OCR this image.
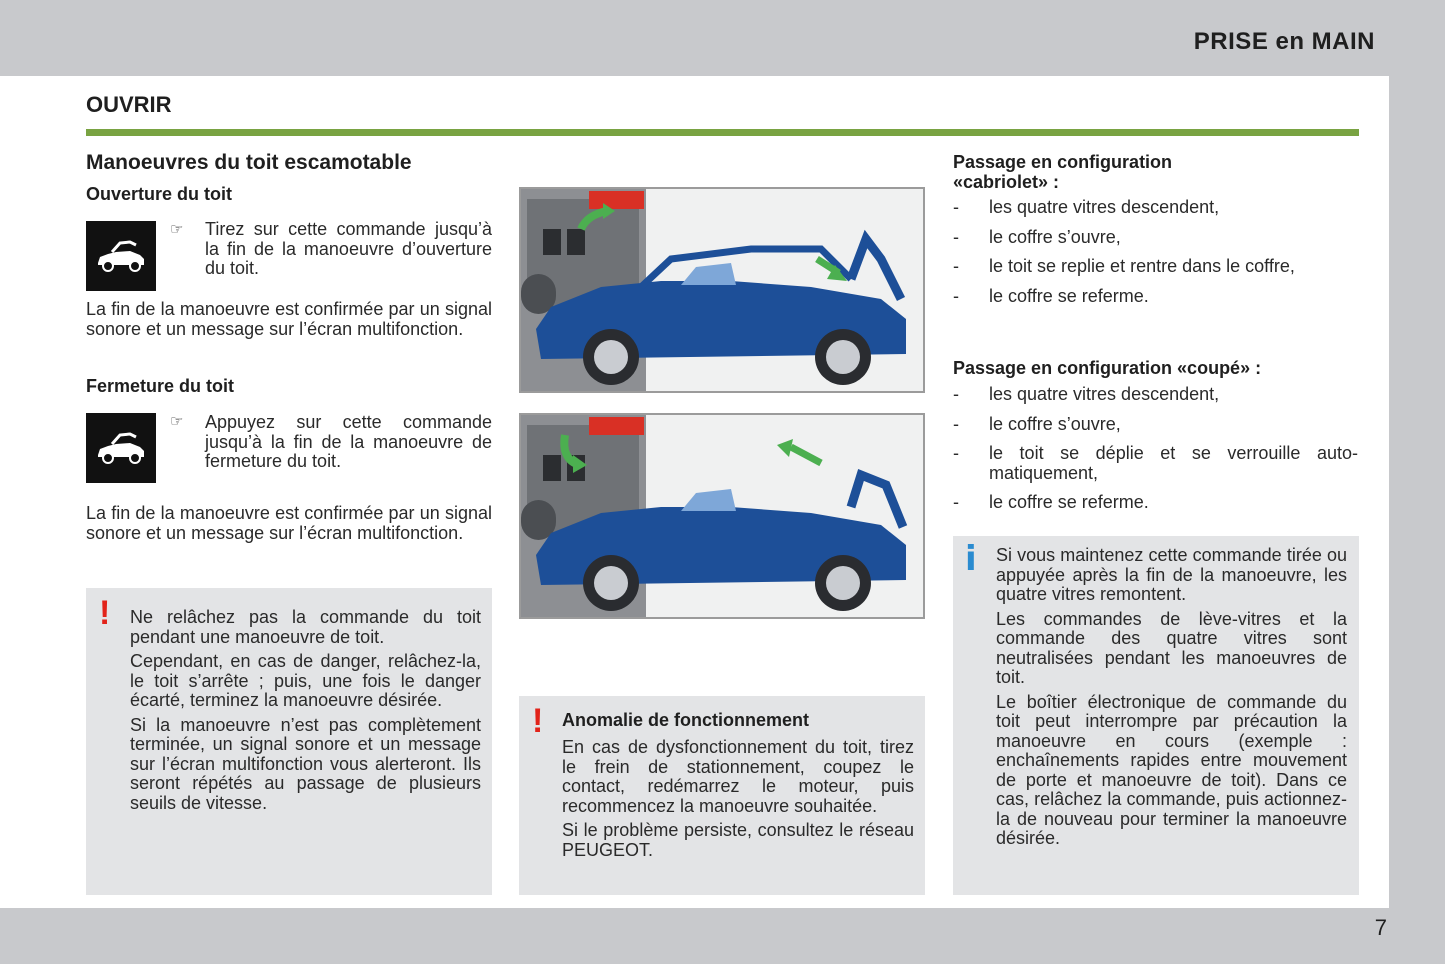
PRISE en MAIN
OUVRIR
Manoeuvres du toit escamotable
Ouverture du toit
☞ Tirez sur cette commande jusqu’à la fin de la manoeuvre d’ouverture du toit.
La fin de la manoeuvre est confirmée par un signal sonore et un message sur l’écran multifonction.
Fermeture du toit
☞ Appuyez sur cette commande jusqu’à la fin de la manoeuvre de fermeture du toit.
La fin de la manoeuvre est confirmée par un signal sonore et un message sur l’écran multifonction.
! Ne relâchez pas la commande du toit pendant une manoeuvre de toit.

Cependant, en cas de danger, relâchez-la, le toit s’arrête ; puis, une fois le danger écarté, terminez la manoeuvre désirée.

Si la manoeuvre n’est pas complètement terminée, un signal sonore et un message sur l’écran multifonction vous alerteront. Ils seront répétés au passage de plusieurs seuils de vitesse.

! Anomalie de fonctionnement

En cas de dysfonctionnement du toit, tirez le frein de stationnement, coupez le contact, redémarrez le moteur, puis recommencez la manoeuvre souhaitée.

Si le problème persiste, consultez le réseau PEUGEOT.

Passage en configuration «cabriolet» :
-	les quatre vitres descendent,
-	le coffre s’ouvre,
-	le toit se replie et rentre dans le coffre,
-	le coffre se referme.
Passage en configuration «coupé» :
-	les quatre vitres descendent,
-	le coffre s’ouvre,
-	le toit se déplie et se verrouille automatiquement,
-	le coffre se referme.
i Si vous maintenez cette commande tirée ou appuyée après la fin de la manoeuvre, les quatre vitres remontent.

Les commandes de lève-vitres et la commande des quatre vitres sont neutralisées pendant les manoeuvres de toit.

Le boîtier électronique de commande du toit peut interrompre par précaution la manoeuvre en cours (exemple : enchaînements rapides entre mouvement de porte et manoeuvre de toit). Dans ce cas, relâchez la commande, puis actionnez-la de nouveau pour terminer la manoeuvre désirée.

7
